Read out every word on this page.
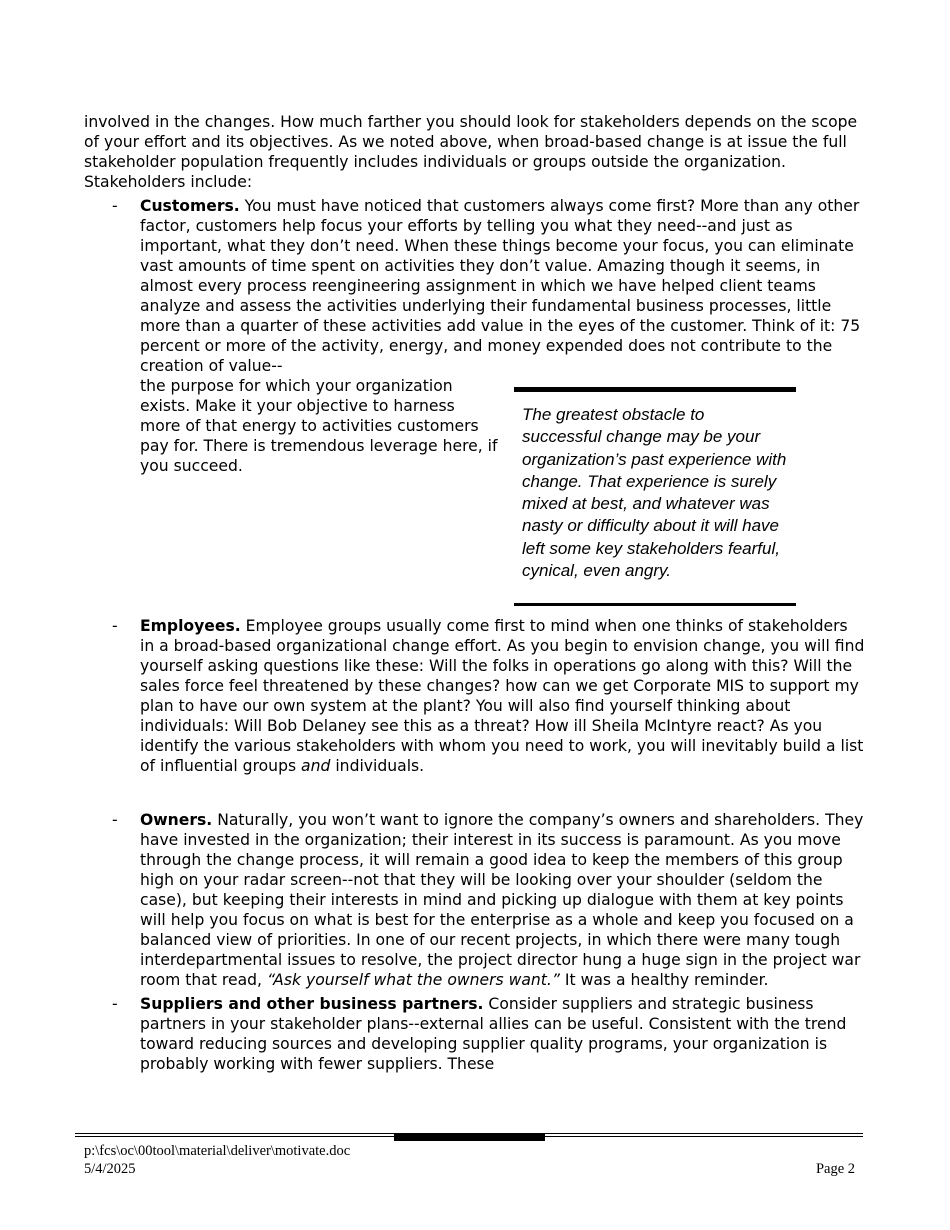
involved in the changes. How much farther you should look for stakeholders depends on the scope of your effort and its objectives. As we noted above, when broad-based change is at issue the full stakeholder population frequently includes individuals or groups outside the organization. Stakeholders include:

- Customers. You must have noticed that customers always come first? More than any other factor, customers help focus your efforts by telling you what they need--and just as important, what they don’t need. When these things become your focus, you can eliminate vast amounts of time spent on activities they don’t value. Amazing though it seems, in almost every process reengineering assignment in which we have helped client teams analyze and assess the activities underlying their fundamental business processes, little more than a quarter of these activities add value in the eyes of the customer. Think of it: 75 percent or more of the activity, energy, and money expended does not contribute to the creation of value--
the purpose for which your organization exists. Make it your objective to harness more of that energy to activities customers pay for. There is tremendous leverage here, if you succeed.
- Employees. Employee groups usually come first to mind when one thinks of stakeholders in a broad-based organizational change effort. As you begin to envision change, you will find yourself asking questions like these: Will the folks in operations go along with this? Will the sales force feel threatened by these changes? how can we get Corporate MIS to support my plan to have our own system at the plant? You will also find yourself thinking about individuals: Will Bob Delaney see this as a threat? How ill Sheila McIntyre react? As you identify the various stakeholders with whom you need to work, you will inevitably build a list of influential groups and individuals.
- Owners. Naturally, you won’t want to ignore the company’s owners and shareholders. They have invested in the organization; their interest in its success is paramount. As you move through the change process, it will remain a good idea to keep the members of this group high on your radar screen--not that they will be looking over your shoulder (seldom the case), but keeping their interests in mind and picking up dialogue with them at key points will help you focus on what is best for the enterprise as a whole and keep you focused on a balanced view of priorities. In one of our recent projects, in which there were many tough interdepartmental issues to resolve, the project director hung a huge sign in the project war room that read, “Ask yourself what the owners want.” It was a healthy reminder.
- Suppliers and other business partners. Consider suppliers and strategic business partners in your stakeholder plans--external allies can be useful. Consistent with the trend toward reducing sources and developing supplier quality programs, your organization is probably working with fewer suppliers. These
The greatest obstacle to successful change may be your organization’s past experience with change. That experience is surely mixed at best, and whatever was nasty or difficulty about it will have left some key stakeholders fearful, cynical, even angry.
p:\fcs\oc\00tool\material\deliver\motivate.doc
5/4/2025	Page 2
